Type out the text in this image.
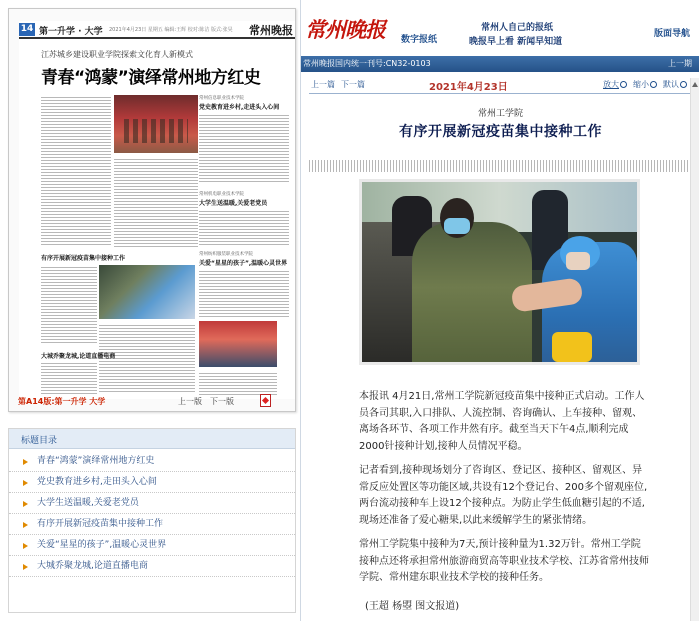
14 第一升学 · 大学 2021年4月23日 星期五 编辑:王辉 校对:陈洁 版式:张昊 常州晚报
江苏城乡建设职业学院探索文化育人新模式
青春“鸿蒙”演绎常州地方红史
常州信息职业技术学院
党史教育进乡村,走进头入心间
常州机电职业技术学院
大学生送温暖,关爱老党员
常州纺织服装职业技术学院
关爱“星星的孩子”,温暖心灵世界
有序开展新冠疫苗集中接种工作
大城乔聚龙城,论道直播电商
第A14版:第一升学 大学	上一版 下一版
标题目录
青春“鸿蒙”演绎常州地方红史
党史教育进乡村,走田头入心间
大学生送温暖,关爱老党员
有序开展新冠疫苗集中接种工作
关爱“星星的孩子”,温暖心灵世界
大城乔聚龙城,论道直播电商
常州晚报 数字报纸
常州人自己的报纸
晚报早上看 新闻早知道
版面导航
常州晚报国内统一刊号:CN32-0103	上一期
上一篇 下一篇	2021年4月23日	放大	缩小	默认
常州工学院
有序开展新冠疫苗集中接种工作
本报讯 4月21日,常州工学院新冠疫苗集中接种正式启动。工作人员各司其职,入口排队、人流控制、咨询确认、上车接种、留观、离场各环节、各项工作井然有序。截至当天下午4点,顺利完成2000针接种计划,接种人员情况平稳。
记者看到,接种现场划分了咨询区、登记区、接种区、留观区、异常反应处置区等功能区域,共设有12个登记台、200多个留观座位,两台流动接种车上设12个接种点。为防止学生低血糖引起的不适,现场还准备了爱心糖果,以此来缓解学生的紧张情绪。
常州工学院集中接种为7天,预计接种量为1.32万针。常州工学院接种点还将承担常州旅游商贸高等职业技术学校、江苏省常州技师学院、常州建东职业技术学校的接种任务。
(王超 杨曌 图文报道)
